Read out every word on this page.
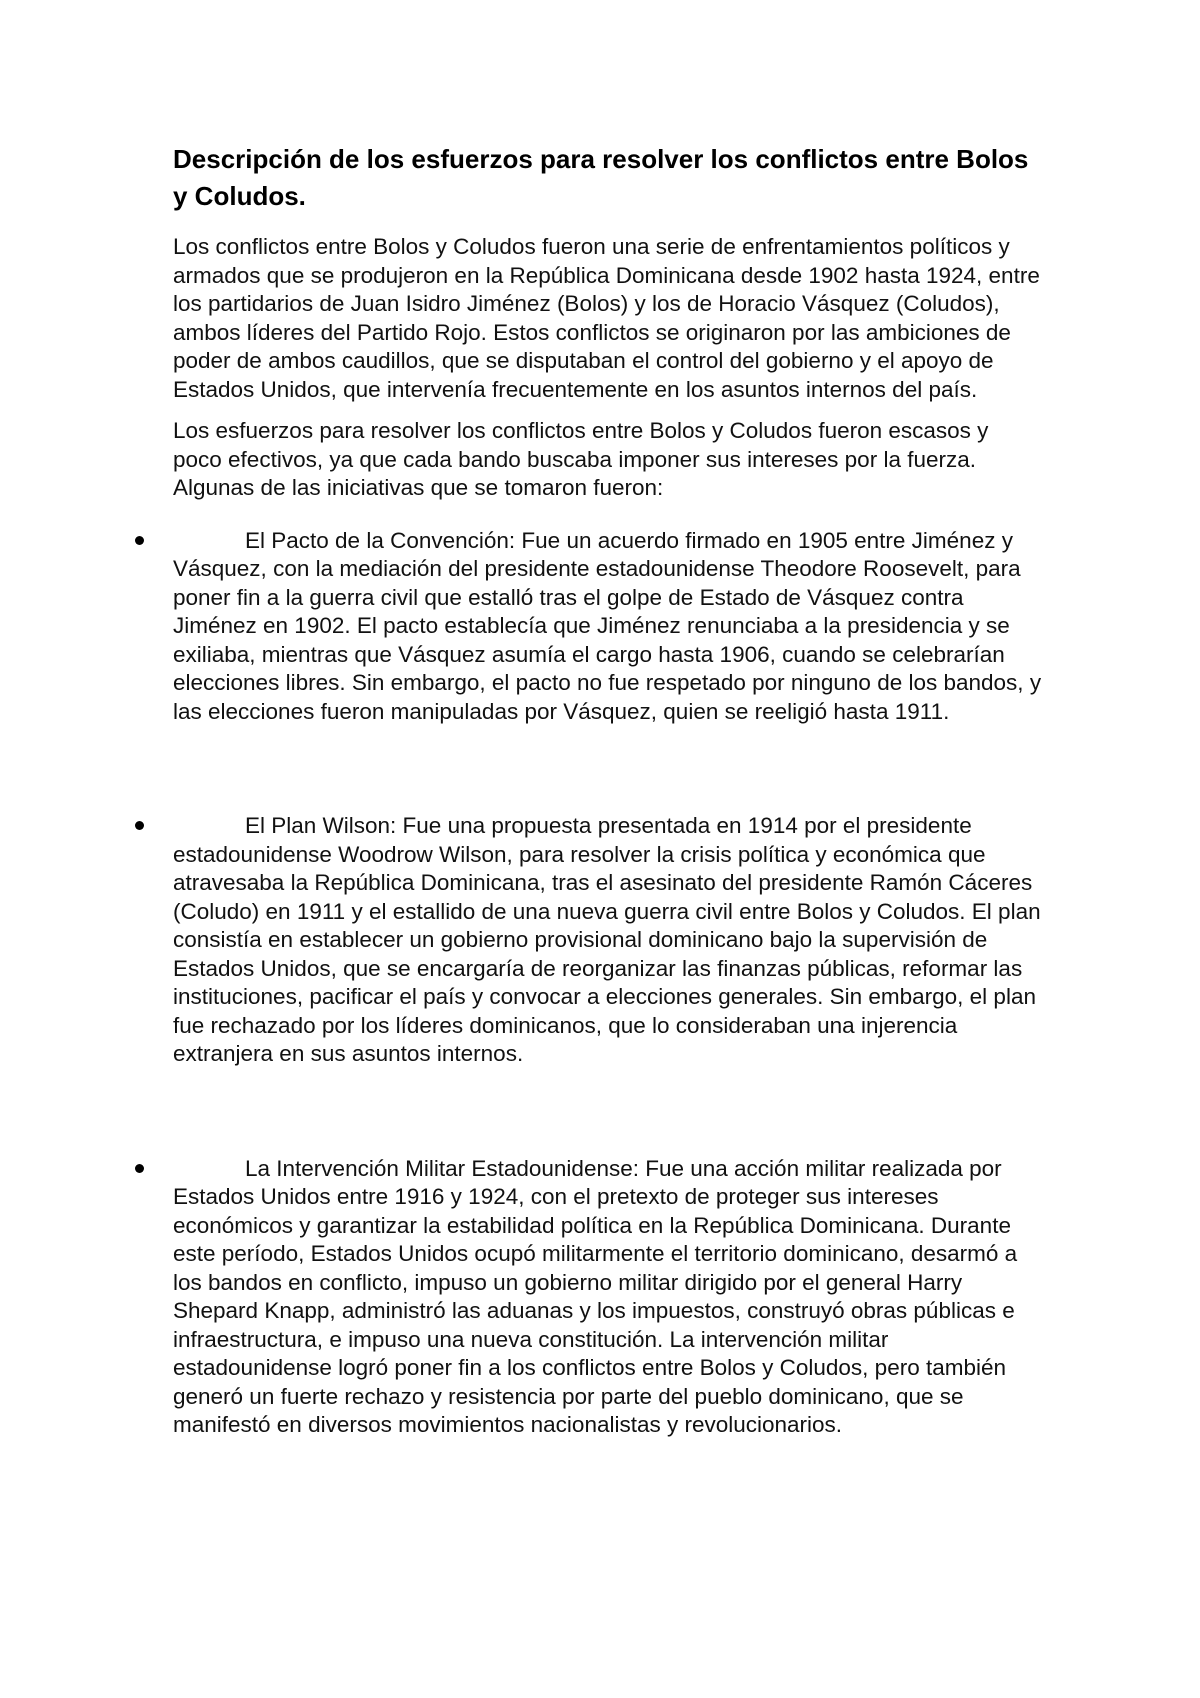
Descripción de los esfuerzos para resolver los conflictos entre Bolos y Coludos.

Los conflictos entre Bolos y Coludos fueron una serie de enfrentamientos políticos y armados que se produjeron en la República Dominicana desde 1902 hasta 1924, entre los partidarios de Juan Isidro Jiménez (Bolos) y los de Horacio Vásquez (Coludos), ambos líderes del Partido Rojo. Estos conflictos se originaron por las ambiciones de poder de ambos caudillos, que se disputaban el control del gobierno y el apoyo de Estados Unidos, que intervenía frecuentemente en los asuntos internos del país.

Los esfuerzos para resolver los conflictos entre Bolos y Coludos fueron escasos y poco efectivos, ya que cada bando buscaba imponer sus intereses por la fuerza. Algunas de las iniciativas que se tomaron fueron:

El Pacto de la Convención: Fue un acuerdo firmado en 1905 entre Jiménez y Vásquez, con la mediación del presidente estadounidense Theodore Roosevelt, para poner fin a la guerra civil que estalló tras el golpe de Estado de Vásquez contra Jiménez en 1902. El pacto establecía que Jiménez renunciaba a la presidencia y se exiliaba, mientras que Vásquez asumía el cargo hasta 1906, cuando se celebrarían elecciones libres. Sin embargo, el pacto no fue respetado por ninguno de los bandos, y las elecciones fueron manipuladas por Vásquez, quien se reeligió hasta 1911.
El Plan Wilson: Fue una propuesta presentada en 1914 por el presidente estadounidense Woodrow Wilson, para resolver la crisis política y económica que atravesaba la República Dominicana, tras el asesinato del presidente Ramón Cáceres (Coludo) en 1911 y el estallido de una nueva guerra civil entre Bolos y Coludos. El plan consistía en establecer un gobierno provisional dominicano bajo la supervisión de Estados Unidos, que se encargaría de reorganizar las finanzas públicas, reformar las instituciones, pacificar el país y convocar a elecciones generales. Sin embargo, el plan fue rechazado por los líderes dominicanos, que lo consideraban una injerencia extranjera en sus asuntos internos.
La Intervención Militar Estadounidense: Fue una acción militar realizada por Estados Unidos entre 1916 y 1924, con el pretexto de proteger sus intereses económicos y garantizar la estabilidad política en la República Dominicana. Durante este período, Estados Unidos ocupó militarmente el territorio dominicano, desarmó a los bandos en conflicto, impuso un gobierno militar dirigido por el general Harry Shepard Knapp, administró las aduanas y los impuestos, construyó obras públicas e infraestructura, e impuso una nueva constitución. La intervención militar estadounidense logró poner fin a los conflictos entre Bolos y Coludos, pero también generó un fuerte rechazo y resistencia por parte del pueblo dominicano, que se manifestó en diversos movimientos nacionalistas y revolucionarios.
